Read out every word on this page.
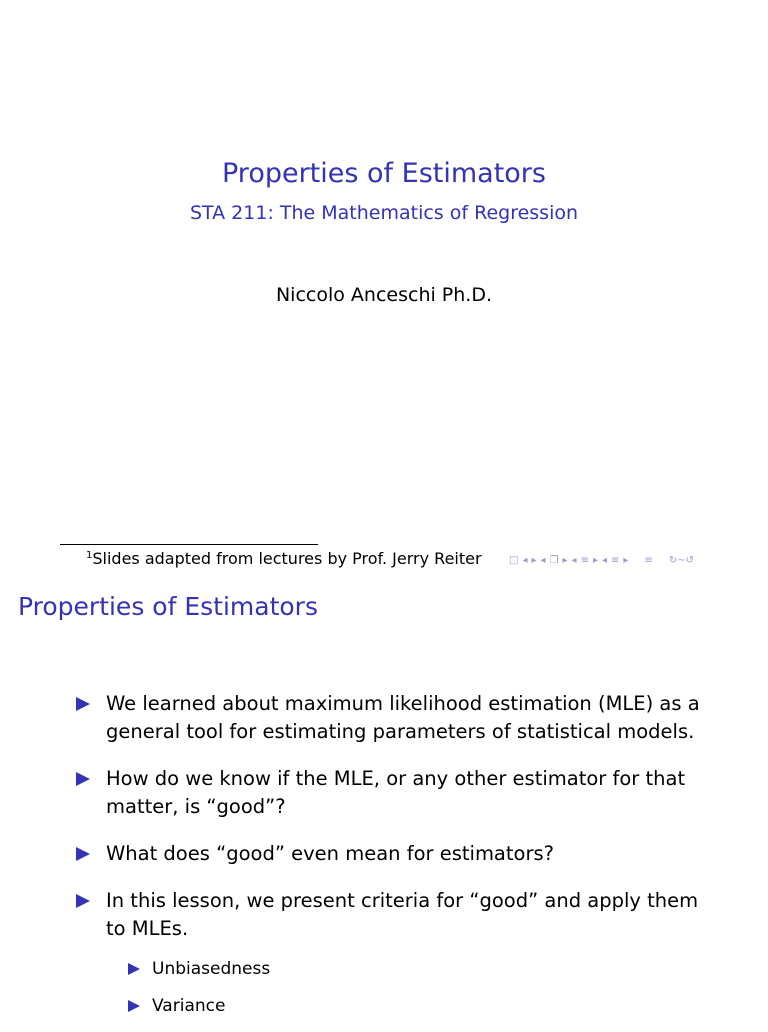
Properties of Estimators
STA 211: The Mathematics of Regression
Niccolo Anceschi Ph.D.
$^1$Slides adapted from lectures by Prof. Jerry Reiter	□ ◂ ▸ ◂ ❐ ▸ ◂ ≡ ▸ ◂ ≡ ▸ ≡ ↻∼↺
Properties of Estimators
We learned about maximum likelihood estimation (MLE) as a general tool for estimating parameters of statistical models.
How do we know if the MLE, or any other estimator for that matter, is “good”?
What does “good” even mean for estimators?
In this lesson, we present criteria for “good” and apply them to MLEs.
Unbiasedness
Variance
